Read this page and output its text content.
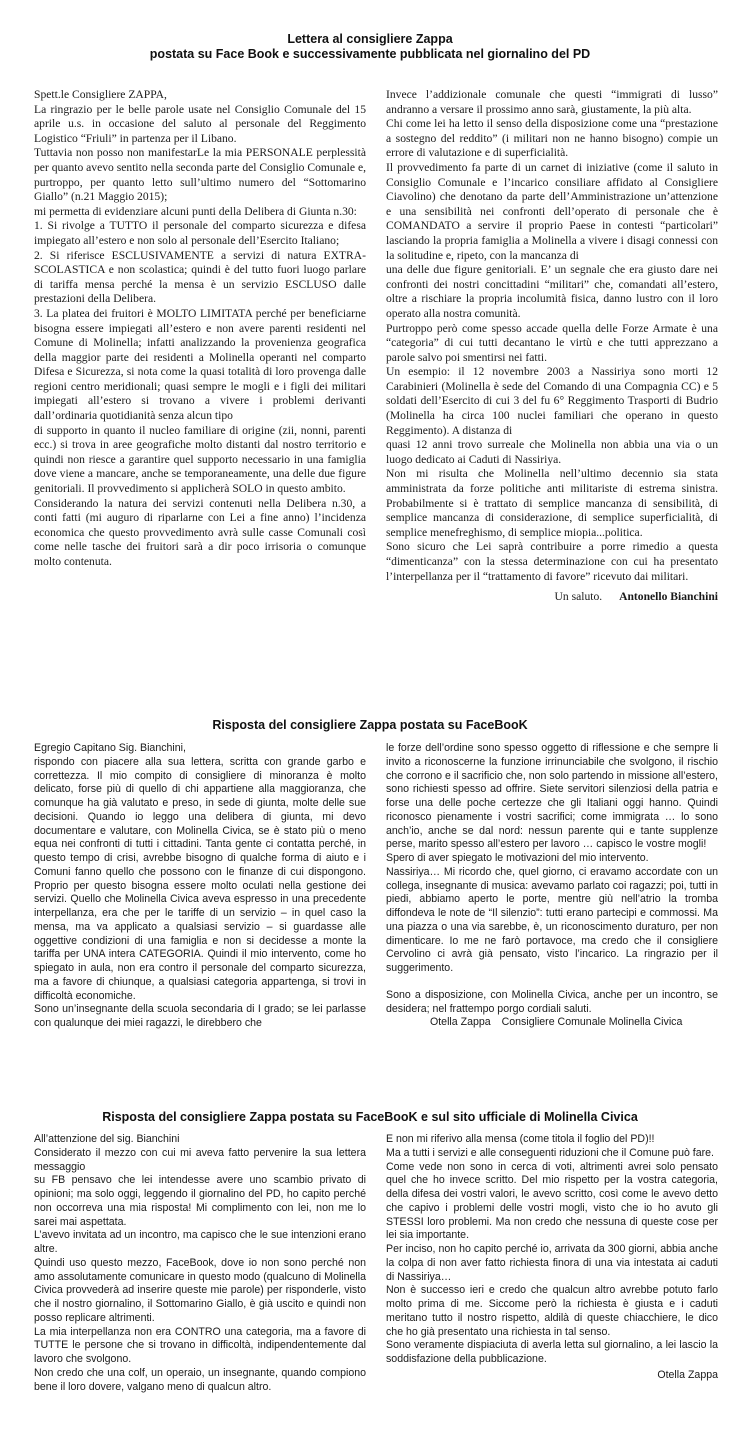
Lettera al consigliere Zappa
postata su Face Book e successivamente pubblicata nel giornalino del PD

Spett.le Consigliere ZAPPA,

La ringrazio per le belle parole usate nel Consiglio Comunale del 15 aprile u.s. in occasione del saluto al personale del Reggimento Logistico “Friuli” in partenza per il Libano.

Tuttavia non posso non manifestarLe la mia PERSONALE perplessità per quanto avevo sentito nella seconda parte del Consiglio Comunale e, purtroppo, per quanto letto sull’ultimo numero del “Sottomarino Giallo” (n.21 Maggio 2015);

mi permetta di evidenziare alcuni punti della Delibera di Giunta n.30:

1. Si rivolge a TUTTO il personale del comparto sicurezza e difesa impiegato all’estero e non solo al personale dell’Esercito Italiano;

2. Si riferisce ESCLUSIVAMENTE a servizi di natura EXTRA-SCOLASTICA e non scolastica; quindi è del tutto fuori luogo parlare di tariffa mensa perché la mensa è un servizio ESCLUSO dalle prestazioni della Delibera.

3. La platea dei fruitori è MOLTO LIMITATA perché per beneficiarne bisogna essere impiegati all’estero e non avere parenti residenti nel Comune di Molinella; infatti analizzando la provenienza geografica della maggior parte dei residenti a Molinella operanti nel comparto Difesa e Sicurezza, si nota come la quasi totalità di loro provenga dalle regioni centro meridionali; quasi sempre le mogli e i figli dei militari impiegati all’estero si trovano a vivere i problemi derivanti dall’ordinaria quotidianità senza alcun tipo

di supporto in quanto il nucleo familiare di origine (zii, nonni, parenti ecc.) si trova in aree geografiche molto distanti dal nostro territorio e quindi non riesce a garantire quel supporto necessario in una famiglia dove viene a mancare, anche se temporaneamente, una delle due figure genitoriali. Il provvedimento si applicherà SOLO in questo ambito.

Considerando la natura dei servizi contenuti nella Delibera n.30, a conti fatti (mi auguro di riparlarne con Lei a fine anno) l’incidenza economica che questo provvedimento avrà sulle casse Comunali così come nelle tasche dei fruitori sarà a dir poco irrisoria o comunque molto contenuta.

Invece l’addizionale comunale che questi “immigrati di lusso” andranno a versare il prossimo anno sarà, giustamente, la più alta.

Chi come lei ha letto il senso della disposizione come una “prestazione a sostegno del reddito” (i militari non ne hanno bisogno) compie un errore di valutazione e di superficialità.

Il provvedimento fa parte di un carnet di iniziative (come il saluto in Consiglio Comunale e l’incarico consiliare affidato al Consigliere Ciavolino) che denotano da parte dell’Amministrazione un’attenzione e una sensibilità nei confronti dell’operato di personale che è COMANDATO a servire il proprio Paese in contesti “particolari” lasciando la propria famiglia a Molinella a vivere i disagi connessi con la solitudine e, ripeto, con la mancanza di

una delle due figure genitoriali. E’ un segnale che era giusto dare nei confronti dei nostri concittadini “militari” che, comandati all’estero, oltre a rischiare la propria incolumità fisica, danno lustro con il loro operato alla nostra comunità.

Purtroppo però come spesso accade quella delle Forze Armate è una “categoria” di cui tutti decantano le virtù e che tutti apprezzano a parole salvo poi smentirsi nei fatti.

Un esempio: il 12 novembre 2003 a Nassiriya sono morti 12 Carabinieri (Molinella è sede del Comando di una Compagnia CC) e 5 soldati dell’Esercito di cui 3 del fu 6° Reggimento Trasporti di Budrio (Molinella ha circa 100 nuclei familiari che operano in questo Reggimento). A distanza di

quasi 12 anni trovo surreale che Molinella non abbia una via o un luogo dedicato ai Caduti di Nassiriya.

Non mi risulta che Molinella nell’ultimo decennio sia stata amministrata da forze politiche anti militariste di estrema sinistra. Probabilmente si è trattato di semplice mancanza di sensibilità, di semplice mancanza di considerazione, di semplice superficialità, di semplice menefreghismo, di semplice miopia...politica.

Sono sicuro che Lei saprà contribuire a porre rimedio a questa “dimenticanza” con la stessa determinazione con cui ha presentato l’interpellanza per il “trattamento di favore” ricevuto dai militari.

Un saluto. Antonello Bianchini
Risposta del consigliere Zappa postata su FaceBooK

Egregio Capitano Sig. Bianchini,

rispondo con piacere alla sua lettera, scritta con grande garbo e correttezza. Il mio compito di consigliere di minoranza è molto delicato, forse più di quello di chi appartiene alla maggioranza, che comunque ha già valutato e preso, in sede di giunta, molte delle sue decisioni. Quando io leggo una delibera di giunta, mi devo documentare e valutare, con Molinella Civica, se è stato più o meno equa nei confronti di tutti i cittadini. Tanta gente ci contatta perché, in questo tempo di crisi, avrebbe bisogno di qualche forma di aiuto e i Comuni fanno quello che possono con le finanze di cui dispongono. Proprio per questo bisogna essere molto oculati nella gestione dei servizi. Quello che Molinella Civica aveva espresso in una precedente interpellanza, era che per le tariffe di un servizio – in quel caso la mensa, ma va applicato a qualsiasi servizio – si guardasse alle oggettive condizioni di una famiglia e non si decidesse a monte la tariffa per UNA intera CATEGORIA. Quindi il mio intervento, come ho spiegato in aula, non era contro il personale del comparto sicurezza, ma a favore di chiunque, a qualsiasi categoria appartenga, si trovi in difficoltà economiche.

Sono un’insegnante della scuola secondaria di I grado; se lei parlasse con qualunque dei miei ragazzi, le direbbero che

le forze dell’ordine sono spesso oggetto di riflessione e che sempre li invito a riconoscerne la funzione irrinunciabile che svolgono, il rischio che corrono e il sacrificio che, non solo partendo in missione all’estero, sono richiesti spesso ad offrire. Siete servitori silenziosi della patria e forse una delle poche certezze che gli Italiani oggi hanno. Quindi riconosco pienamente i vostri sacrifici; come immigrata … lo sono anch’io, anche se dal nord: nessun parente qui e tante supplenze perse, marito spesso all’estero per lavoro … capisco le vostre mogli!

Spero di aver spiegato le motivazioni del mio intervento.

Nassiriya… Mi ricordo che, quel giorno, ci eravamo accordate con un collega, insegnante di musica: avevamo parlato coi ragazzi; poi, tutti in piedi, abbiamo aperto le porte, mentre giù nell’atrio la tromba diffondeva le note de “Il silenzio”: tutti erano partecipi e commossi. Ma una piazza o una via sarebbe, è, un riconoscimento duraturo, per non dimenticare. Io me ne farò portavoce, ma credo che il consigliere Cervolino ci avrà già pensato, visto l’incarico. La ringrazio per il suggerimento.

Sono a disposizione, con Molinella Civica, anche per un incontro, se desidera; nel frattempo porgo cordiali saluti.

Otella Zappa Consigliere Comunale Molinella Civica
Risposta del consigliere Zappa postata su FaceBooK e sul sito ufficiale di Molinella Civica

All’attenzione del sig. Bianchini

Considerato il mezzo con cui mi aveva fatto pervenire la sua lettera messaggio

su FB pensavo che lei intendesse avere uno scambio privato di opinioni; ma solo oggi, leggendo il giornalino del PD, ho capito perché non occorreva una mia risposta! Mi complimento con lei, non me lo sarei mai aspettata.

L’avevo invitata ad un incontro, ma capisco che le sue intenzioni erano altre.

Quindi uso questo mezzo, FaceBook, dove io non sono perché non amo assolutamente comunicare in questo modo (qualcuno di Molinella Civica provvederà ad inserire queste mie parole) per risponderle, visto che il nostro giornalino, il Sottomarino Giallo, è già uscito e quindi non posso replicare altrimenti.

La mia interpellanza non era CONTRO una categoria, ma a favore di TUTTE le persone che si trovano in difficoltà, indipendentemente dal lavoro che svolgono.

Non credo che una colf, un operaio, un insegnante, quando compiono bene il loro dovere, valgano meno di qualcun altro.

E non mi riferivo alla mensa (come titola il foglio del PD)!!

Ma a tutti i servizi e alle conseguenti riduzioni che il Comune può fare.

Come vede non sono in cerca di voti, altrimenti avrei solo pensato quel che ho invece scritto. Del mio rispetto per la vostra categoria, della difesa dei vostri valori, le avevo scritto, così come le avevo detto che capivo i problemi delle vostri mogli, visto che io ho avuto gli STESSI loro problemi. Ma non credo che nessuna di queste cose per lei sia importante.

Per inciso, non ho capito perché io, arrivata da 300 giorni, abbia anche la colpa di non aver fatto richiesta finora di una via intestata ai caduti di Nassiriya…

Non è successo ieri e credo che qualcun altro avrebbe potuto farlo molto prima di me. Siccome però la richiesta è giusta e i caduti meritano tutto il nostro rispetto, aldilà di queste chiacchiere, le dico che ho già presentato una richiesta in tal senso.

Sono veramente dispiaciuta di averla letta sul giornalino, a lei lascio la soddisfazione della pubblicazione.

Otella Zappa
